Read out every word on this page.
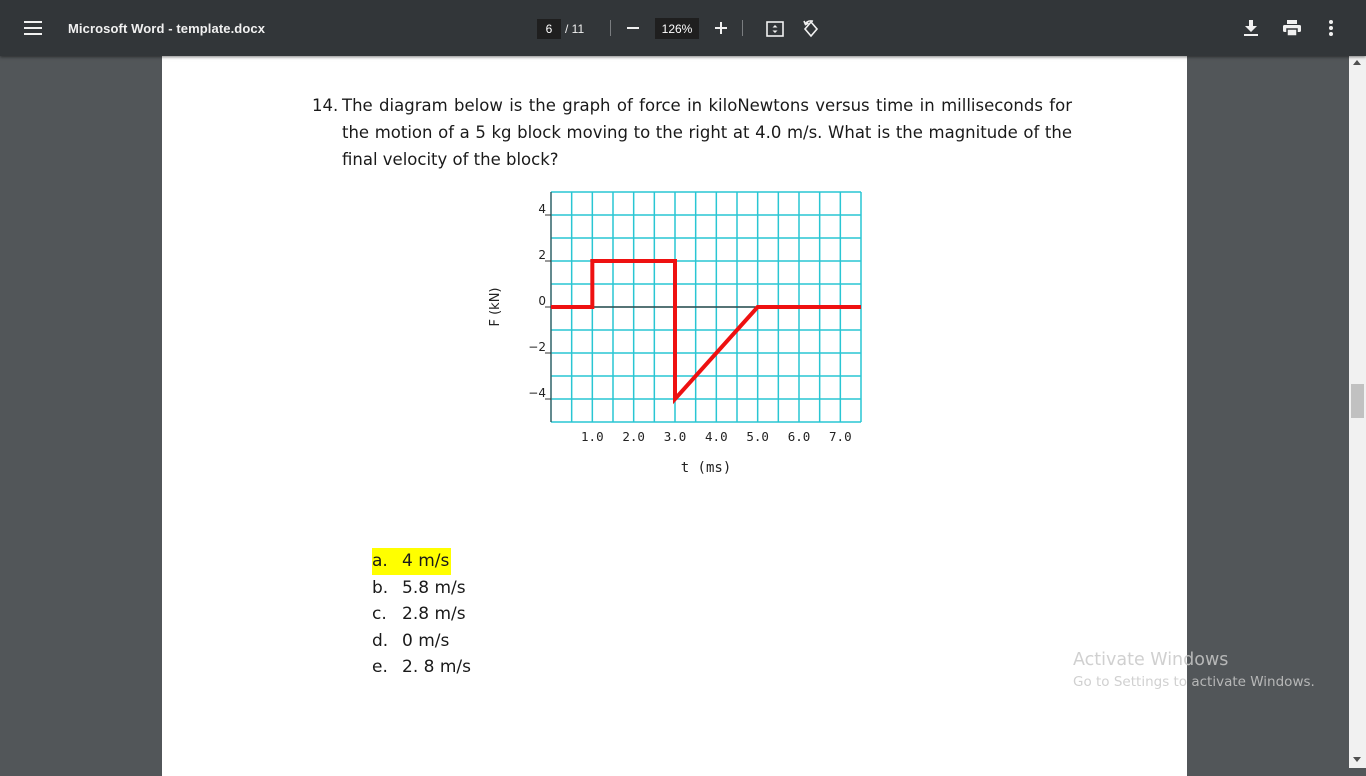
Microsoft Word - template.docx
6	/ 11
126%
14. The diagram below is the graph of force in kiloNewtons versus time in milliseconds for the motion of a 5 kg block moving to the right at 4.0 m/s. What is the magnitude of the final velocity of the block?
4
2
0
−2
−4
1.0 2.0 3.0 4.0 5.0 6.0 7.0
t (ms)
F (kN)
a. 4 m/s
b. 5.8 m/s
c. 2.8 m/s
d. 0 m/s
e. 2. 8 m/s	Activate Windows
Go to Settings to activate Windows.
